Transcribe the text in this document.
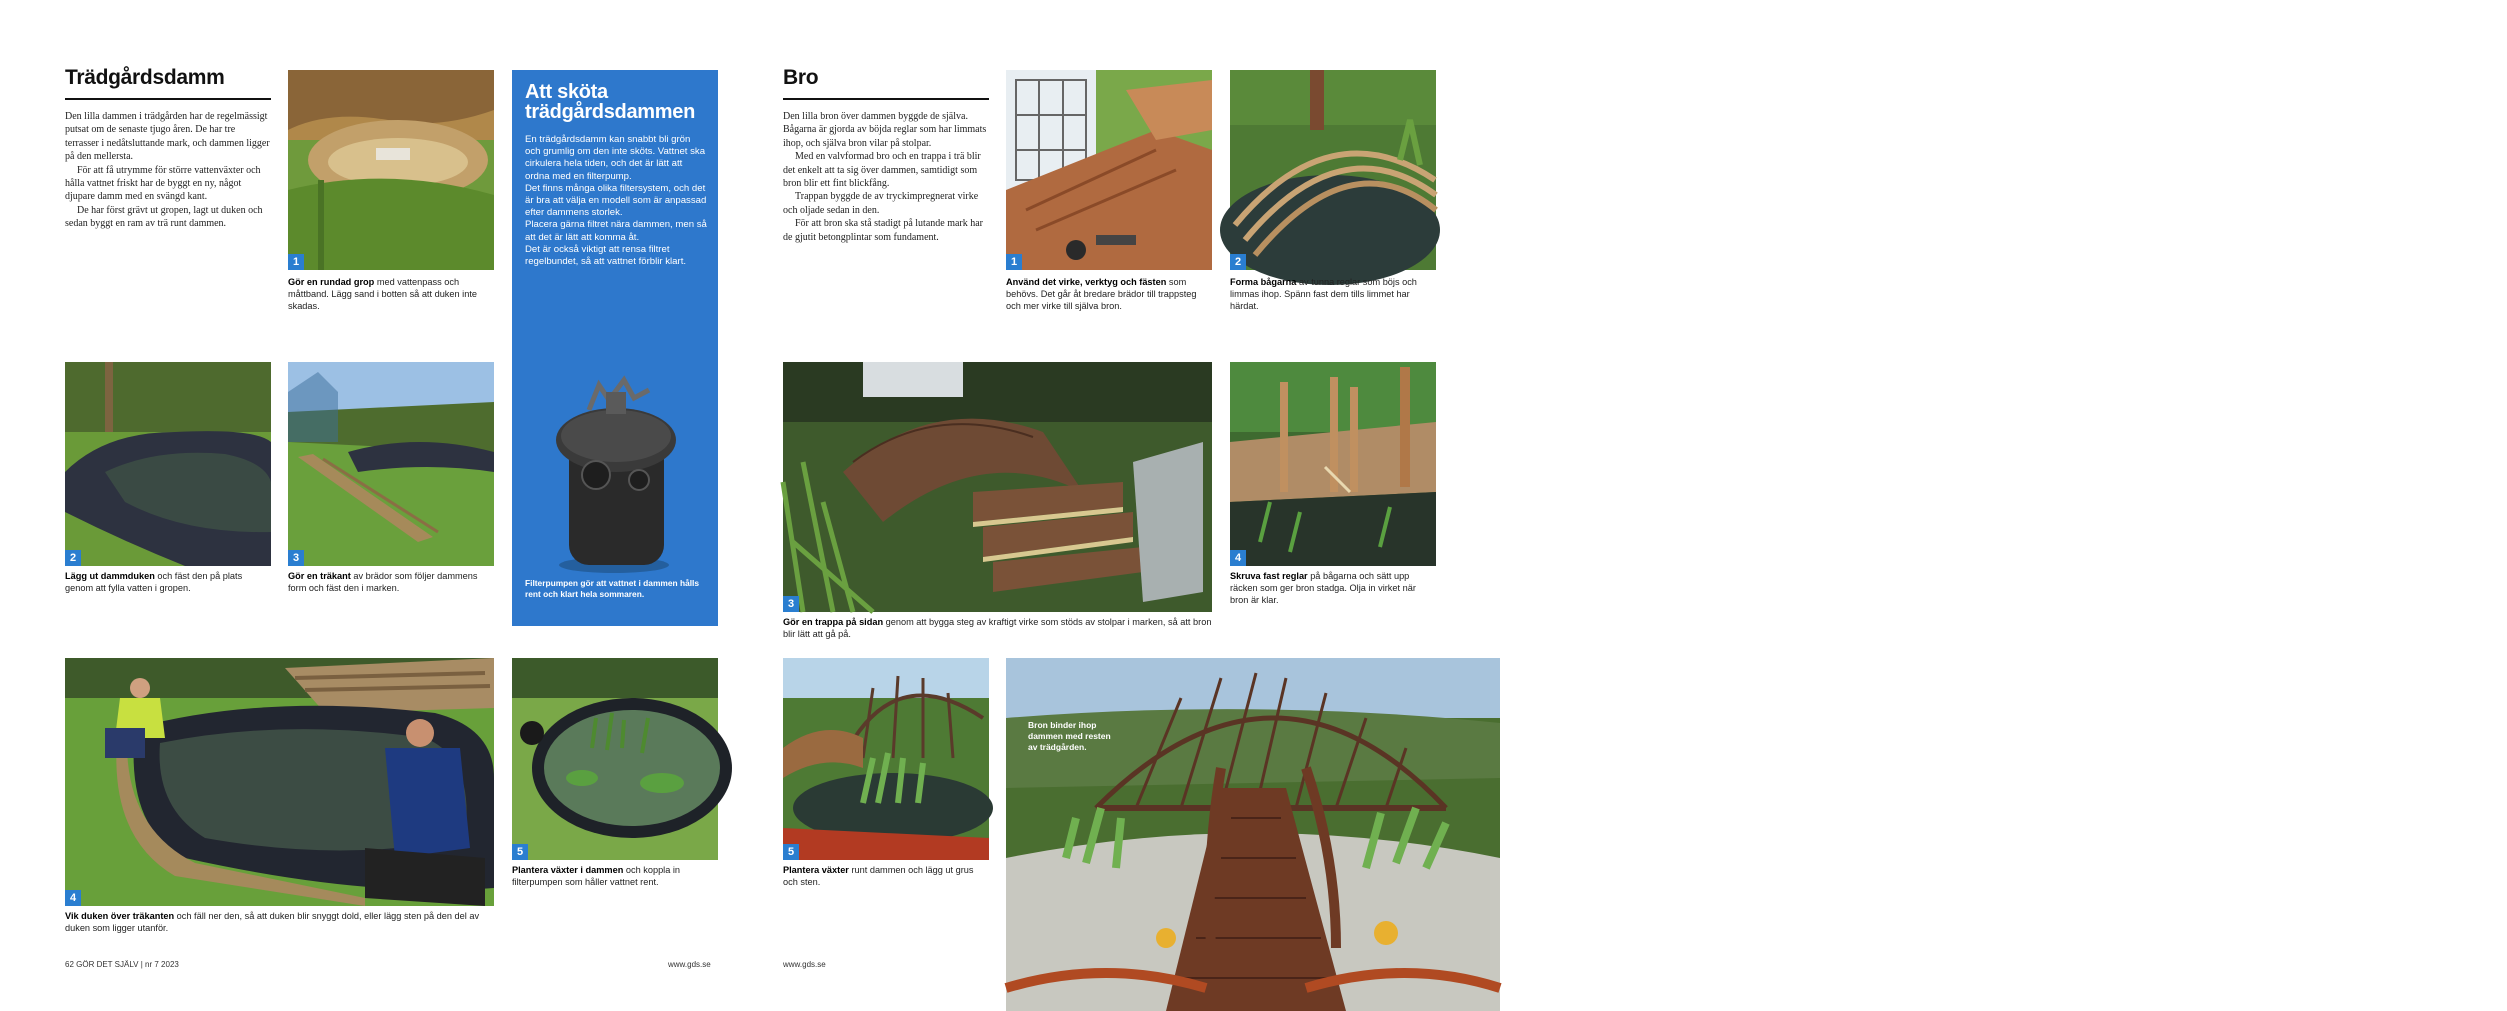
Trädgårdsdamm

Den lilla dammen i trädgården har de regelmässigt putsat om de senaste tjugo åren. De har tre terrasser i nedåtsluttande mark, och dammen ligger på den mellersta.

För att få utrymme för större vattenväxter och hålla vattnet friskt har de byggt en ny, något djupare damm med en svängd kant.

De har först grävt ut gropen, lagt ut duken och sedan byggt en ram av trä runt dammen.

1
Gör en rundad grop med vattenpass och måttband. Lägg sand i botten så att duken inte skadas.
Att sköta trädgårdsdammen

En trädgårdsdamm kan snabbt bli grön och grumlig om den inte sköts. Vattnet ska cirkulera hela tiden, och det är lätt att ordna med en filterpump.

Det finns många olika filtersystem, och det är bra att välja en modell som är anpassad efter dammens storlek.

Placera gärna filtret nära dammen, men så att det är lätt att komma åt.

Det är också viktigt att rensa filtret regelbundet, så att vattnet förblir klart.

Filterpumpen gör att vattnet i dammen hålls rent och klart hela sommaren.
2
Lägg ut dammduken och fäst den på plats genom att fylla vatten i gropen.
3
Gör en träkant av brädor som följer dammens form och fäst den i marken.
4
Vik duken över träkanten och fäll ner den, så att duken blir snyggt dold, eller lägg sten på den del av duken som ligger utanför.
5
Plantera växter i dammen och koppla in filterpumpen som håller vattnet rent.
62 GÖR DET SJÄLV | nr 7 2023	www.gds.se
Bro

Den lilla bron över dammen byggde de själva. Bågarna är gjorda av böjda reglar som har limmats ihop, och själva bron vilar på stolpar.

Med en valvformad bro och en trappa i trä blir det enkelt att ta sig över dammen, samtidigt som bron blir ett fint blickfång.

Trappan byggde de av tryckimpregnerat virke och oljade sedan in den.

För att bron ska stå stadigt på lutande mark har de gjutit betongplintar som fundament.

1
Använd det virke, verktyg och fästen som behövs. Det går åt bredare brädor till trappsteg och mer virke till själva bron.
2
Forma bågarna av tunna reglar som böjs och limmas ihop. Spänn fast dem tills limmet har härdat.
3
Gör en trappa på sidan genom att bygga steg av kraftigt virke som stöds av stolpar i marken, så att bron blir lätt att gå på.
Regel
4
Skruva fast reglar på bågarna och sätt upp räcken som ger bron stadga. Olja in virket när bron är klar.
5
Plantera växter runt dammen och lägg ut grus och sten.
Bron binder ihop dammen med resten av trädgården.
www.gds.se
